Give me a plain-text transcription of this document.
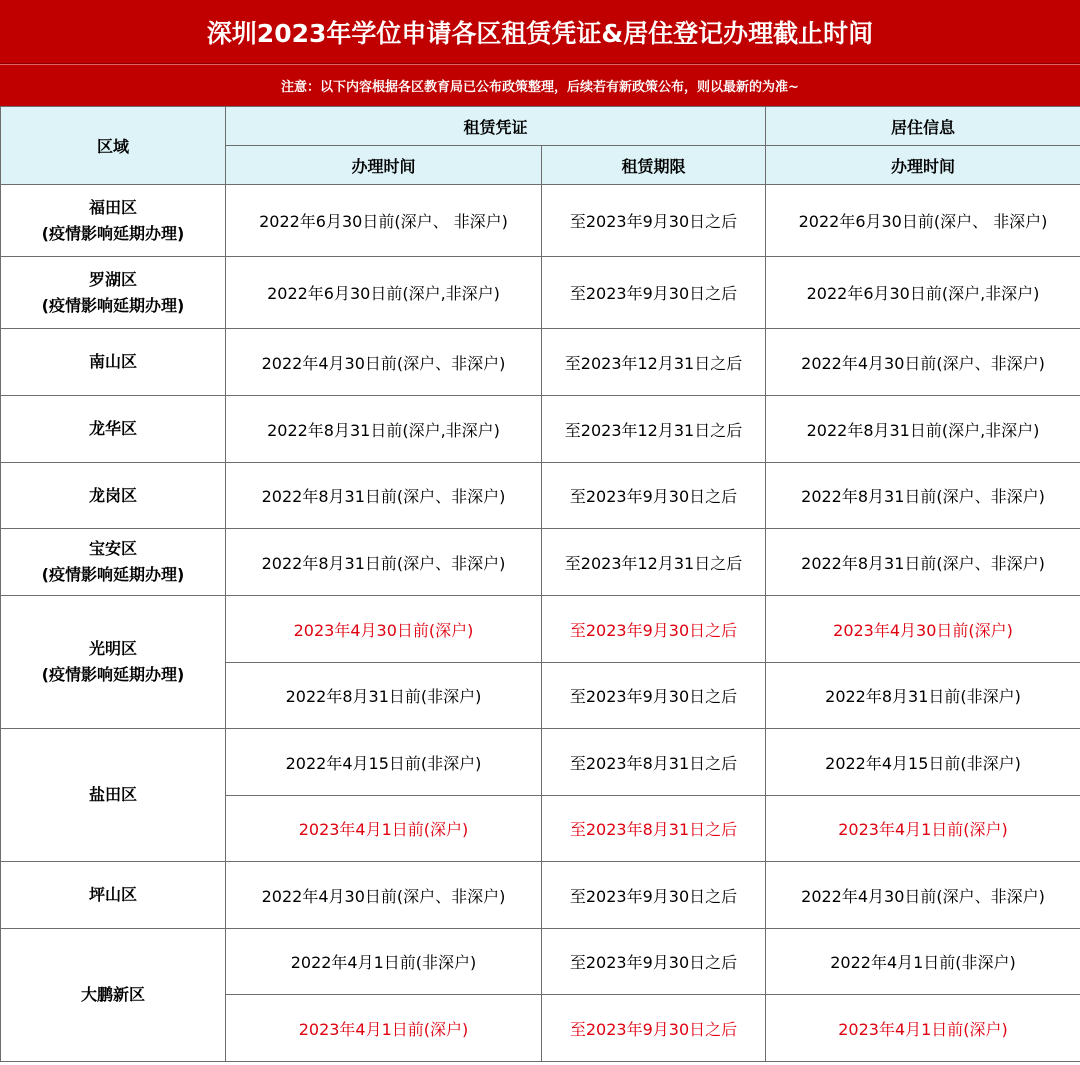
深圳2023年学位申请各区租赁凭证&居住登记办理截止时间
注意：以下内容根据各区教育局已公布政策整理，后续若有新政策公布，则以最新的为准~
区域	租赁凭证		居住信息
	办理时间	租赁期限	办理时间

福田区
(疫情影响延期办理)	2022年6月30日前(深户、 非深户)	至2023年9月30日之后	2022年6月30日前(深户、 非深户)

罗湖区
(疫情影响延期办理)	2022年6月30日前(深户,非深户)	至2023年9月30日之后	2022年6月30日前(深户,非深户)
南山区	2022年4月30日前(深户、非深户)	至2023年12月31日之后	2022年4月30日前(深户、非深户)
龙华区	2022年8月31日前(深户,非深户)	至2023年12月31日之后	2022年8月31日前(深户,非深户)
龙岗区	2022年8月31日前(深户、非深户)	至2023年9月30日之后	2022年8月31日前(深户、非深户)

宝安区
(疫情影响延期办理)	2022年8月31日前(深户、非深户)	至2023年12月31日之后	2022年8月31日前(深户、非深户)

光明区
(疫情影响延期办理)	2023年4月30日前(深户)	至2023年9月30日之后	2023年4月30日前(深户)
	2022年8月31日前(非深户)	至2023年9月30日之后	2022年8月31日前(非深户)
盐田区	2022年4月15日前(非深户)	至2023年8月31日之后	2022年4月15日前(非深户)
	2023年4月1日前(深户)	至2023年8月31日之后	2023年4月1日前(深户)
坪山区	2022年4月30日前(深户、非深户)	至2023年9月30日之后	2022年4月30日前(深户、非深户)
大鹏新区	2022年4月1日前(非深户)	至2023年9月30日之后	2022年4月1日前(非深户)
	2023年4月1日前(深户)	至2023年9月30日之后	2023年4月1日前(深户)
